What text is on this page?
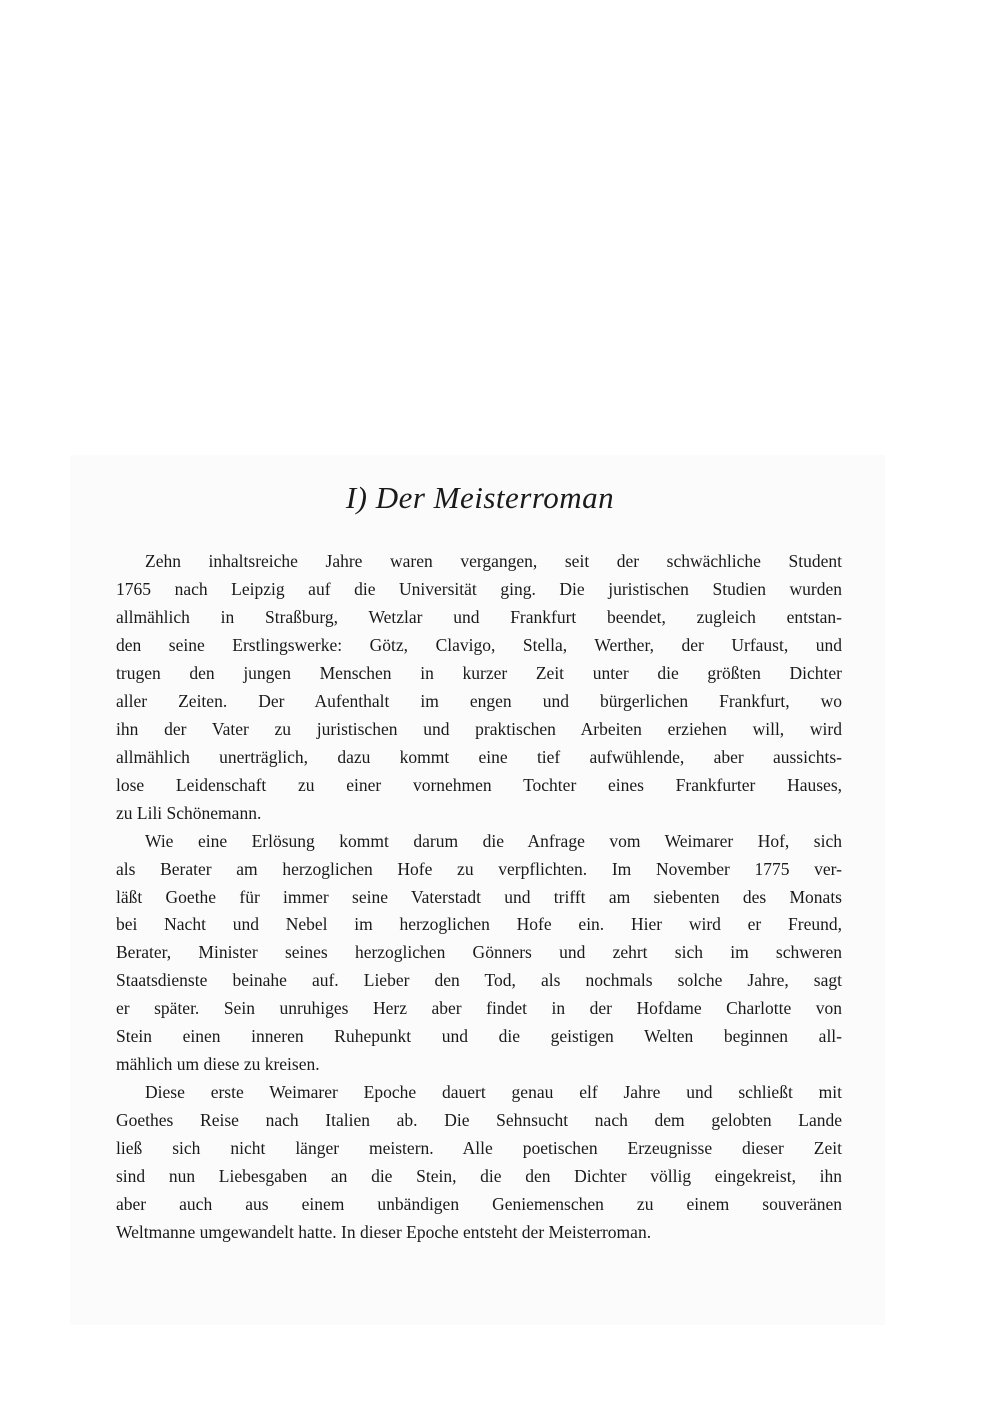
I) Der Meisterroman
Zehn inhaltsreiche Jahre waren vergangen, seit der schwächliche Student
1765 nach Leipzig auf die Universität ging. Die juristischen Studien wurden
allmählich in Straßburg, Wetzlar und Frankfurt beendet, zugleich entstan-
den seine Erstlingswerke: Götz, Clavigo, Stella, Werther, der Urfaust, und
trugen den jungen Menschen in kurzer Zeit unter die größten Dichter
aller Zeiten. Der Aufenthalt im engen und bürgerlichen Frankfurt, wo
ihn der Vater zu juristischen und praktischen Arbeiten erziehen will, wird
allmählich unerträglich, dazu kommt eine tief aufwühlende, aber aussichts-
lose Leidenschaft zu einer vornehmen Tochter eines Frankfurter Hauses,
zu Lili Schönemann.
Wie eine Erlösung kommt darum die Anfrage vom Weimarer Hof, sich
als Berater am herzoglichen Hofe zu verpflichten. Im November 1775 ver-
läßt Goethe für immer seine Vaterstadt und trifft am siebenten des Monats
bei Nacht und Nebel im herzoglichen Hofe ein. Hier wird er Freund,
Berater, Minister seines herzoglichen Gönners und zehrt sich im schweren
Staatsdienste beinahe auf. Lieber den Tod, als nochmals solche Jahre, sagt
er später. Sein unruhiges Herz aber findet in der Hofdame Charlotte von
Stein einen inneren Ruhepunkt und die geistigen Welten beginnen all-
mählich um diese zu kreisen.
Diese erste Weimarer Epoche dauert genau elf Jahre und schließt mit
Goethes Reise nach Italien ab. Die Sehnsucht nach dem gelobten Lande
ließ sich nicht länger meistern. Alle poetischen Erzeugnisse dieser Zeit
sind nun Liebesgaben an die Stein, die den Dichter völlig eingekreist, ihn
aber auch aus einem unbändigen Geniemenschen zu einem souveränen
Weltmanne umgewandelt hatte. In dieser Epoche entsteht der Meisterroman.
